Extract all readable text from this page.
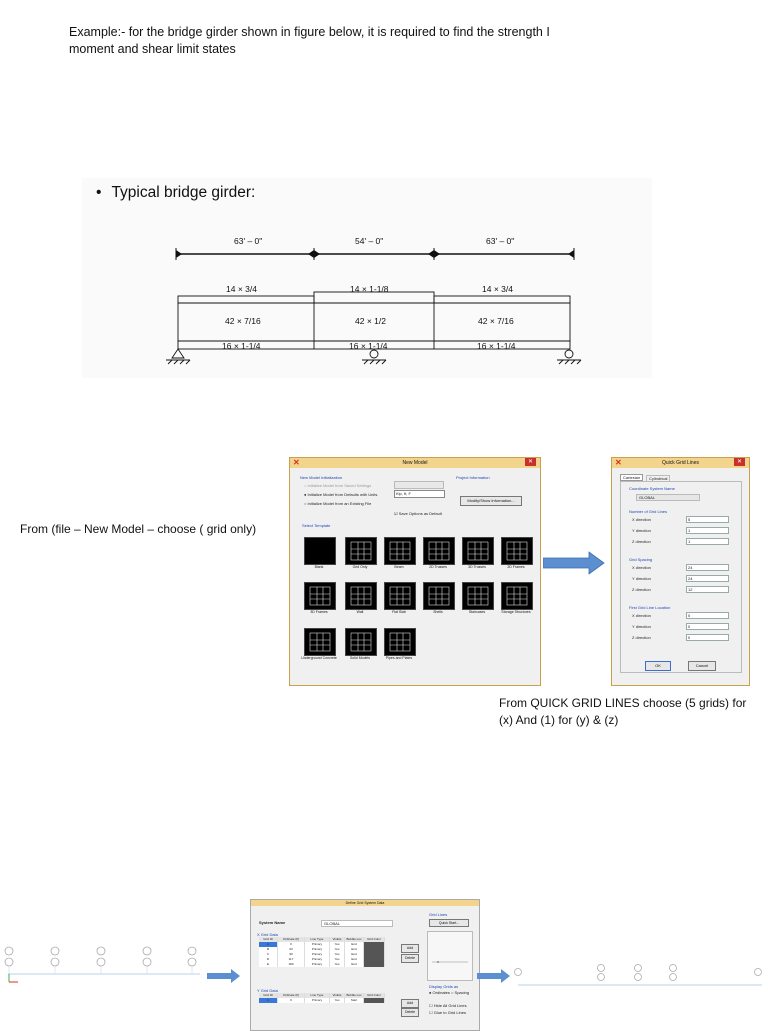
Example:- for the bridge girder shown in figure below, it is required to find the strength I
moment and shear limit states
• Typical bridge girder:
63' – 0"	54' – 0"	63' – 0"
14 × 3/4	14 × 1-1/8	14 × 3/4
42 × 7/16	42 × 1/2	42 × 7/16
16 × 1-1/4	16 × 1-1/4	16 × 1-1/4
From (file – New Model – choose ( grid only)
✕	New Model	✕
New Model Initialization
○ Initialize Model from Saved Settings
● Initialize Model from Defaults with Units
○ Initialize Model from an Existing File
Kip, ft, F
☑ Save Options as Default
Project Information
Modify/Show Information...
Select Template
Blank	Grid Only	Beam	2D Trusses	3D Trusses	2D Frames
3D Frames	Wall	Flat Slab	Shells	Staircases	Storage Structures
Underground Concrete	Solid Models	Pipes and Plates
✕	Quick Grid Lines	✕
Cartesian	Cylindrical
Coordinate System Name
GLOBAL
Number of Grid Lines
X direction	5
Y direction	1
Z direction	1
Grid Spacing
X direction	24
Y direction	24
Z direction	12
First Grid Line Location
X direction	0
Y direction	0
Z direction	0
OK	Cancel
From QUICK GRID LINES choose (5 grids) for
(x) And (1) for (y) & (z)
Define Grid System Data
System Name	GLOBAL
X Grid Data
Grid ID	Ordinate (ft)	Line Type	Visible	Bubble Loc	Grid Color
A	0	Primary	Yes	End
B	63	Primary	Yes	End
C	90	Primary	Yes	End
D	117	Primary	Yes	End
E	180	Primary	Yes	End
Add
Delete
Y Grid Data
Grid ID	Ordinate (ft)	Line Type	Visible	Bubble Loc	Grid Color
1	0	Primary	Yes	Start
Add
Delete
Grid Lines
Quick Start...
Display Grids as
● Ordinates ○ Spacing
☐ Hide All Grid Lines
☐ Glue to Grid Lines
